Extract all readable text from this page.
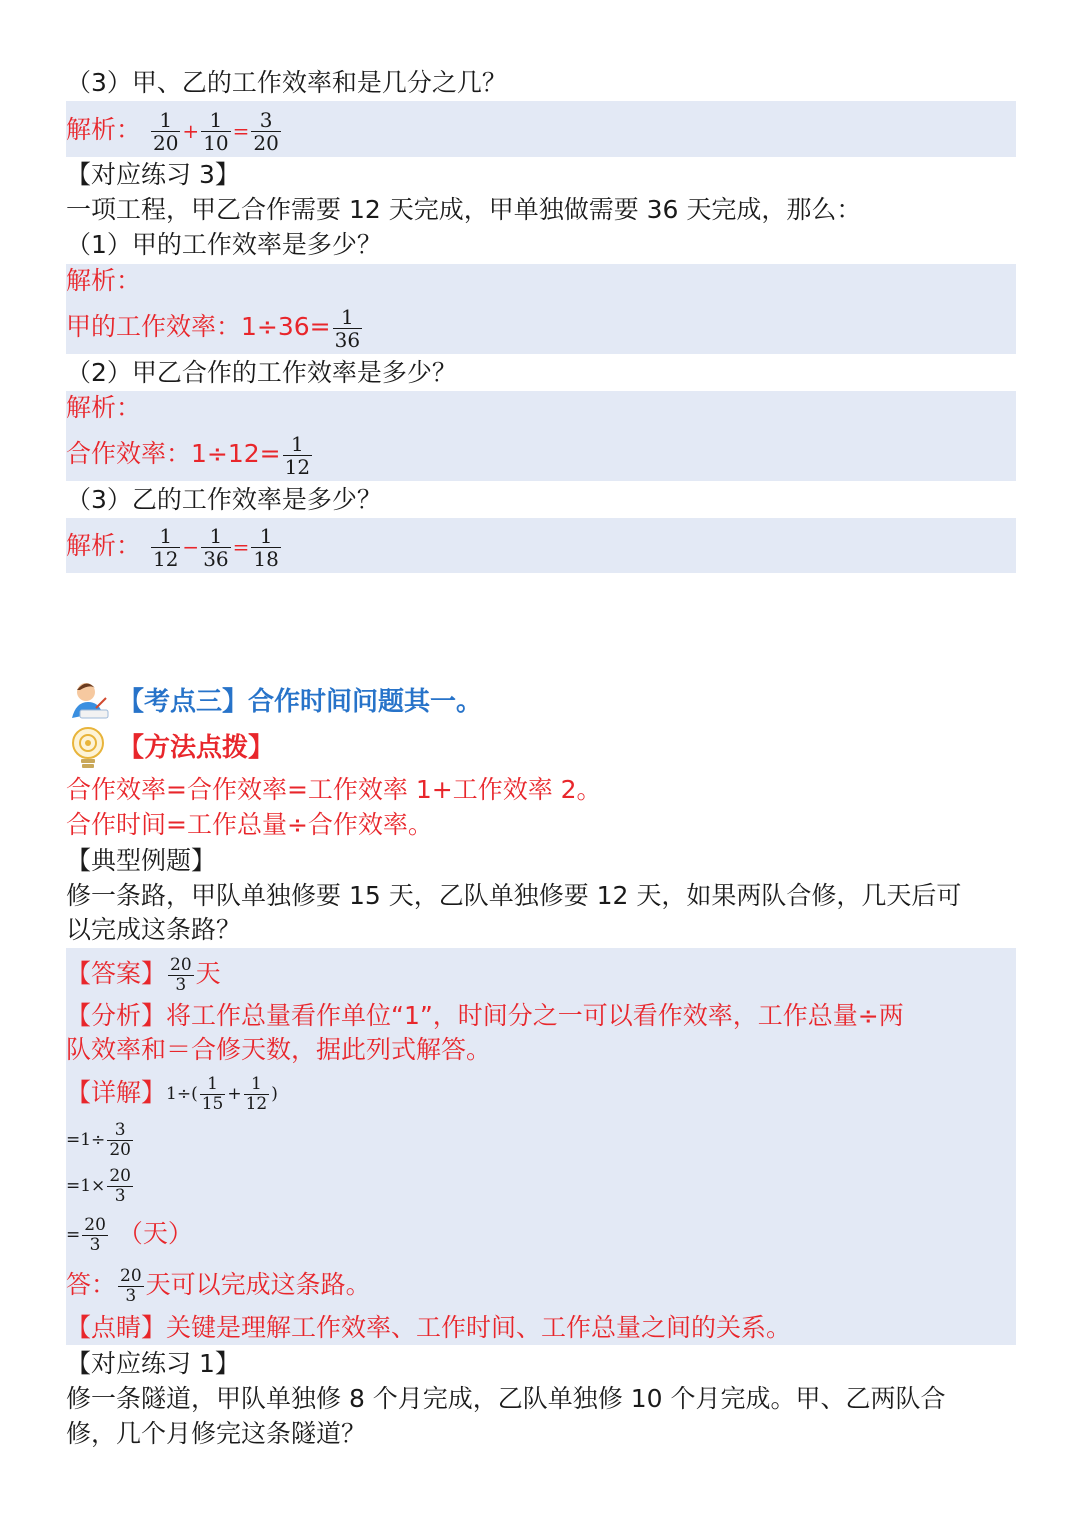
（3）甲、乙的工作效率和是几分之几？
解析： $\frac{1}{20} + \frac{1}{10} = \frac{3}{20}$
【对应练习 3】
一项工程，甲乙合作需要 12 天完成，甲单独做需要 36 天完成，那么：
（1）甲的工作效率是多少？
解析：
甲的工作效率：$1\div 36= \frac{1}{36}$
（2）甲乙合作的工作效率是多少？
解析：
合作效率：$1\div 12= \frac{1}{12}$
（3）乙的工作效率是多少？
解析： $\frac{1}{12} - \frac{1}{36} = \frac{1}{18}$
【考点三】合作时间问题其一。
【方法点拨】
合作效率=合作效率=工作效率 1+工作效率 2。
合作时间=工作总量÷合作效率。
【典型例题】
修一条路，甲队单独修要 15 天，乙队单独修要 12 天，如果两队合修，几天后可
以完成这条路？
【答案】 $\frac{20}{3}$ 天
【分析】将工作总量看作单位“1”，时间分之一可以看作效率，工作总量÷两
队效率和＝合修天数，据此列式解答。
【详解】$1\div( \frac{1}{15} + \frac{1}{12}$ )
$=1\div \frac{3}{20}$
$=1\times \frac{20}{3}$
= $\frac{20}{3}$ （天）
答： $\frac{20}{3}$ 天可以完成这条路。
【点睛】关键是理解工作效率、工作时间、工作总量之间的关系。
【对应练习 1】
修一条隧道，甲队单独修 8 个月完成，乙队单独修 10 个月完成。甲、乙两队合
修，几个月修完这条隧道？
